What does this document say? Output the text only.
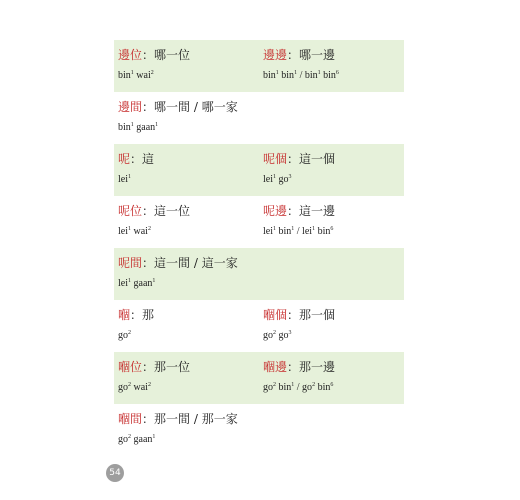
邊位：哪一位
bin$^1$ wai$^2$
邊邊：哪一邊
bin$^1$ bin$^1$ / bin$^1$ bin$^6$
邊間：哪一間 / 哪一家
bin$^1$ gaan$^1$
呢：這
lei$^1$
呢個：這一個
lei$^1$ $go^3$
呢位：這一位
lei$^1$ wai$^2$
呢邊：這一邊
lei$^1$ bin$^1$ / lei$^1$ bin$^6$
呢間：這一間 / 這一家
lei$^1$ gaan$^1$
嗰：那
$go^2$
嗰個：那一個
$go^2$ $go^3$
嗰位：那一位
$go^2$ wai$^2$
嗰邊：那一邊
$go^2$ $bin^1 / go^2$ bin$^6$
嗰間：那一間 / 那一家
$go^2$ gaan$^1$
54
